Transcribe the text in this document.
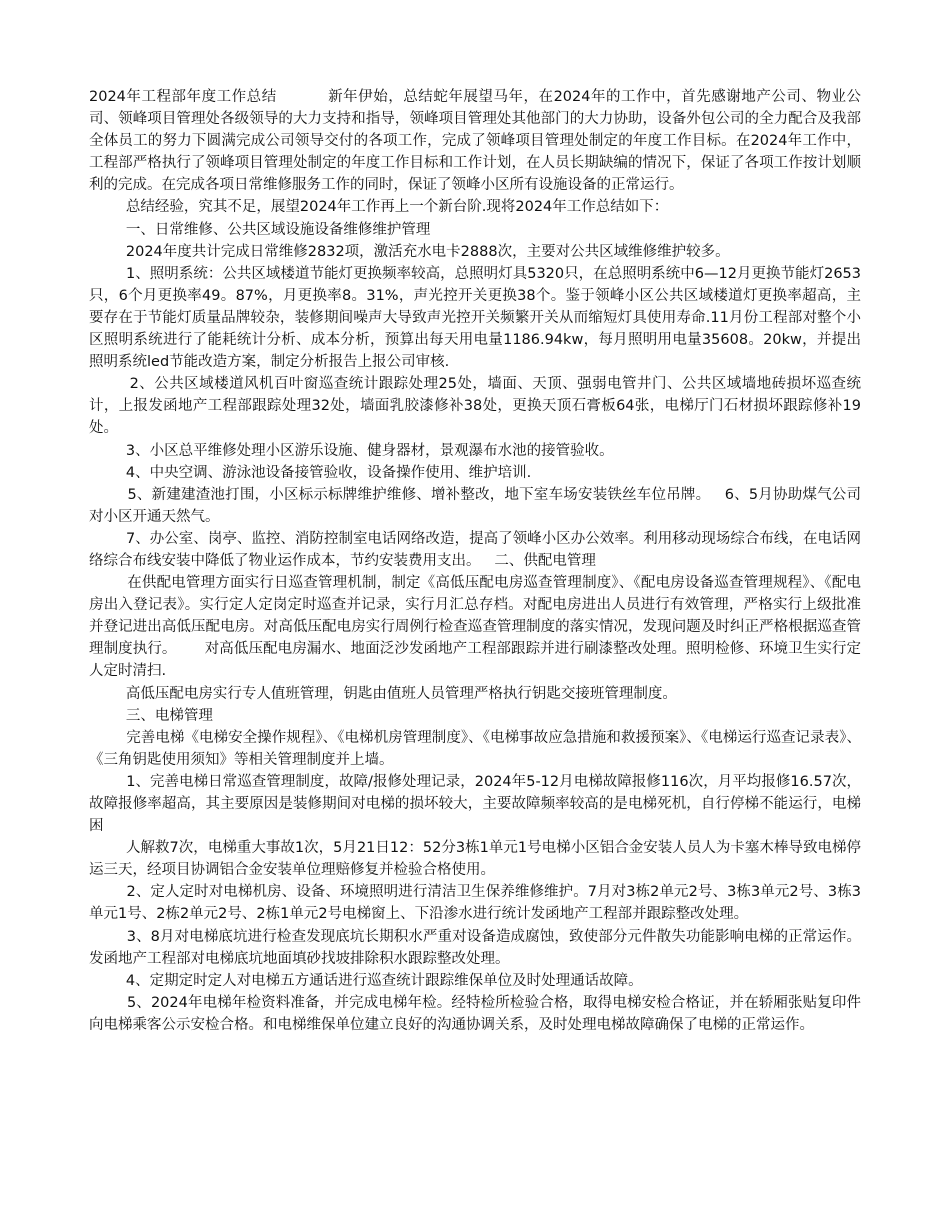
2024年工程部年度工作总结          新年伊始，总结蛇年展望马年，在2024年的工作中，首先感谢地产公司、物业公司、领峰项目管理处各级领导的大力支持和指导，领峰项目管理处其他部门的大力协助，设备外包公司的全力配合及我部全体员工的努力下圆满完成公司领导交付的各项工作，完成了领峰项目管理处制定的年度工作目标。在2024年工作中，工程部严格执行了领峰项目管理处制定的年度工作目标和工作计划，在人员长期缺编的情况下，保证了各项工作按计划顺利的完成。在完成各项日常维修服务工作的同时，保证了领峰小区所有设施设备的正常运行。

总结经验，究其不足，展望2024年工作再上一个新台阶.现将2024年工作总结如下：

一、日常维修、公共区域设施设备维修维护管理

2024年度共计完成日常维修2832项，激活充水电卡2888次，主要对公共区域维修维护较多。

1、照明系统：公共区域楼道节能灯更换频率较高，总照明灯具5320只，在总照明系统中6—12月更换节能灯2653只，6个月更换率49。87%，月更换率8。31%，声光控开关更换38个。鉴于领峰小区公共区域楼道灯更换率超高，主要存在于节能灯质量品牌较杂，装修期间噪声大导致声光控开关频繁开关从而缩短灯具使用寿命.11月份工程部对整个小区照明系统进行了能耗统计分析、成本分析，预算出每天用电量1186.94kw，每月照明用电量35608。20kw，并提出照明系统led节能改造方案，制定分析报告上报公司审核.

2、公共区域楼道风机百叶窗巡查统计跟踪处理25处，墙面、天顶、强弱电管井门、公共区域墙地砖损坏巡查统计，上报发函地产工程部跟踪处理32处，墙面乳胶漆修补38处，更换天顶石膏板64张，电梯厅门石材损坏跟踪修补19处。

3、小区总平维修处理小区游乐设施、健身器材，景观瀑布水池的接管验收。

4、中央空调、游泳池设备接管验收，设备操作使用、维护培训.

5、新建建渣池打围，小区标示标牌维护维修、增补整改，地下室车场安装铁丝车位吊牌。   6、5月协助煤气公司对小区开通天然气。

7、办公室、岗亭、监控、消防控制室电话网络改造，提高了领峰小区办公效率。利用移动现场综合布线，在电话网络综合布线安装中降低了物业运作成本，节约安装费用支出。   二、供配电管理

在供配电管理方面实行日巡查管理机制，制定《高低压配电房巡查管理制度》、《配电房设备巡查管理规程》、《配电房出入登记表》。实行定人定岗定时巡查并记录，实行月汇总存档。对配电房进出人员进行有效管理，严格实行上级批准并登记进出高低压配电房。对高低压配电房实行周例行检查巡查管理制度的落实情况，发现问题及时纠正严格根据巡查管理制度执行。      对高低压配电房漏水、地面泛沙发函地产工程部跟踪并进行刷漆整改处理。照明检修、环境卫生实行定人定时清扫.

高低压配电房实行专人值班管理，钥匙由值班人员管理严格执行钥匙交接班管理制度。

三、电梯管理

完善电梯《电梯安全操作规程》、《电梯机房管理制度》、《电梯事故应急措施和救援预案》、《电梯运行巡查记录表》、《三角钥匙使用须知》等相关管理制度并上墙。

1、完善电梯日常巡查管理制度，故障/报修处理记录，2024年5-12月电梯故障报修116次，月平均报修16.57次，故障报修率超高，其主要原因是装修期间对电梯的损坏较大，主要故障频率较高的是电梯死机，自行停梯不能运行，电梯困

人解救7次，电梯重大事故1次，5月21日12：52分3栋1单元1号电梯小区铝合金安装人员人为卡塞木棒导致电梯停运三天，经项目协调铝合金安装单位理赔修复并检验合格使用。

2、定人定时对电梯机房、设备、环境照明进行清洁卫生保养维修维护。7月对3栋2单元2号、3栋3单元2号、3栋3单元1号、2栋2单元2号、2栋1单元2号电梯窗上、下沿渗水进行统计发函地产工程部并跟踪整改处理。

3、8月对电梯底坑进行检查发现底坑长期积水严重对设备造成腐蚀，致使部分元件散失功能影响电梯的正常运作。发函地产工程部对电梯底坑地面填砂找坡排除积水跟踪整改处理。

4、定期定时定人对电梯五方通话进行巡查统计跟踪维保单位及时处理通话故障。

5、2024年电梯年检资料准备，并完成电梯年检。经特检所检验合格，取得电梯安检合格证，并在轿厢张贴复印件向电梯乘客公示安检合格。和电梯维保单位建立良好的沟通协调关系，及时处理电梯故障确保了电梯的正常运作。
